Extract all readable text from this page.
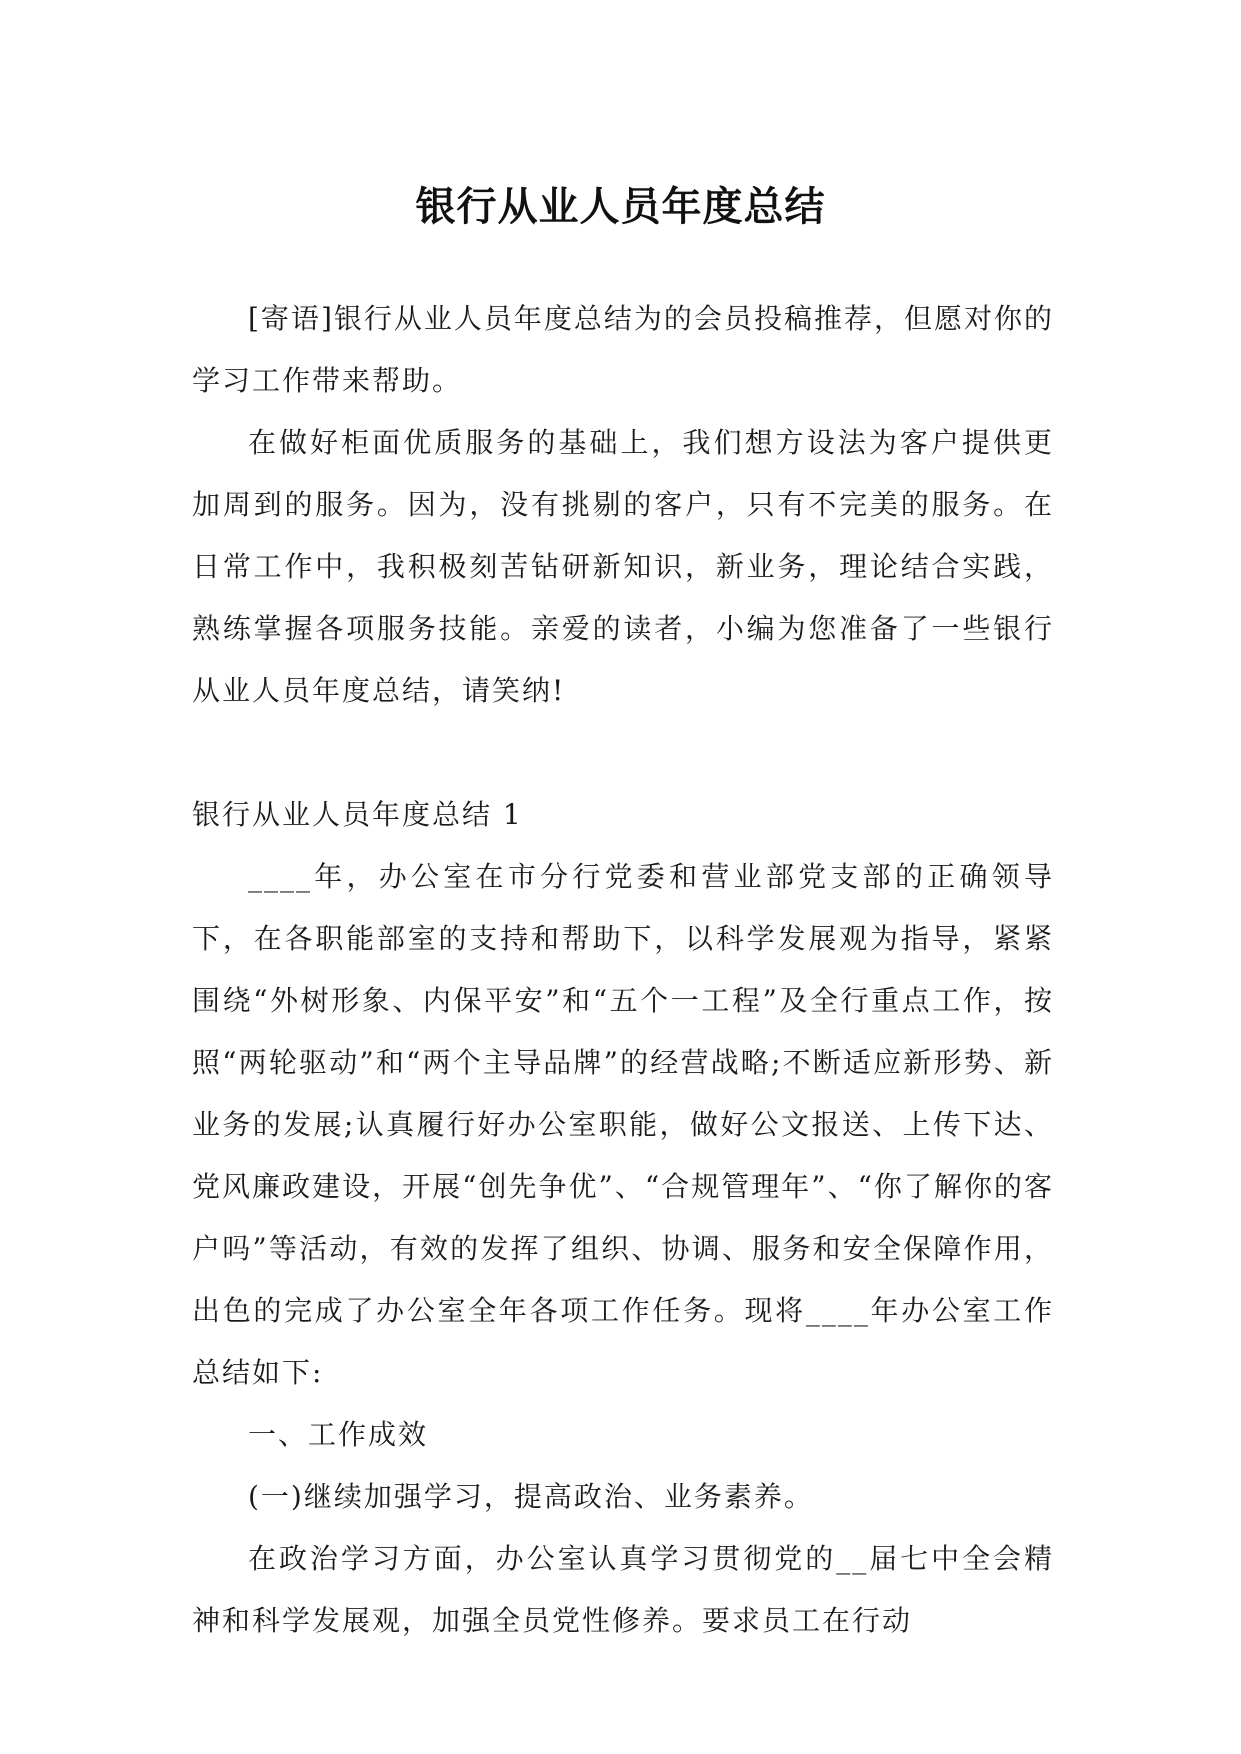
银行从业人员年度总结

[寄语]银行从业人员年度总结为的会员投稿推荐，但愿对你的学习工作带来帮助。

在做好柜面优质服务的基础上，我们想方设法为客户提供更加周到的服务。因为，没有挑剔的客户，只有不完美的服务。在日常工作中，我积极刻苦钻研新知识，新业务，理论结合实践，熟练掌握各项服务技能。亲爱的读者，小编为您准备了一些银行从业人员年度总结，请笑纳!

银行从业人员年度总结 1

____年，办公室在市分行党委和营业部党支部的正确领导下，在各职能部室的支持和帮助下，以科学发展观为指导，紧紧围绕“外树形象、内保平安”和“五个一工程”及全行重点工作，按照“两轮驱动”和“两个主导品牌”的经营战略;不断适应新形势、新业务的发展;认真履行好办公室职能，做好公文报送、上传下达、党风廉政建设，开展“创先争优”、“合规管理年”、“你了解你的客户吗”等活动，有效的发挥了组织、协调、服务和安全保障作用，出色的完成了办公室全年各项工作任务。现将____年办公室工作总结如下:

一、工作成效

(一)继续加强学习，提高政治、业务素养。

在政治学习方面，办公室认真学习贯彻党的__届七中全会精神和科学发展观，加强全员党性修养。要求员工在行动
